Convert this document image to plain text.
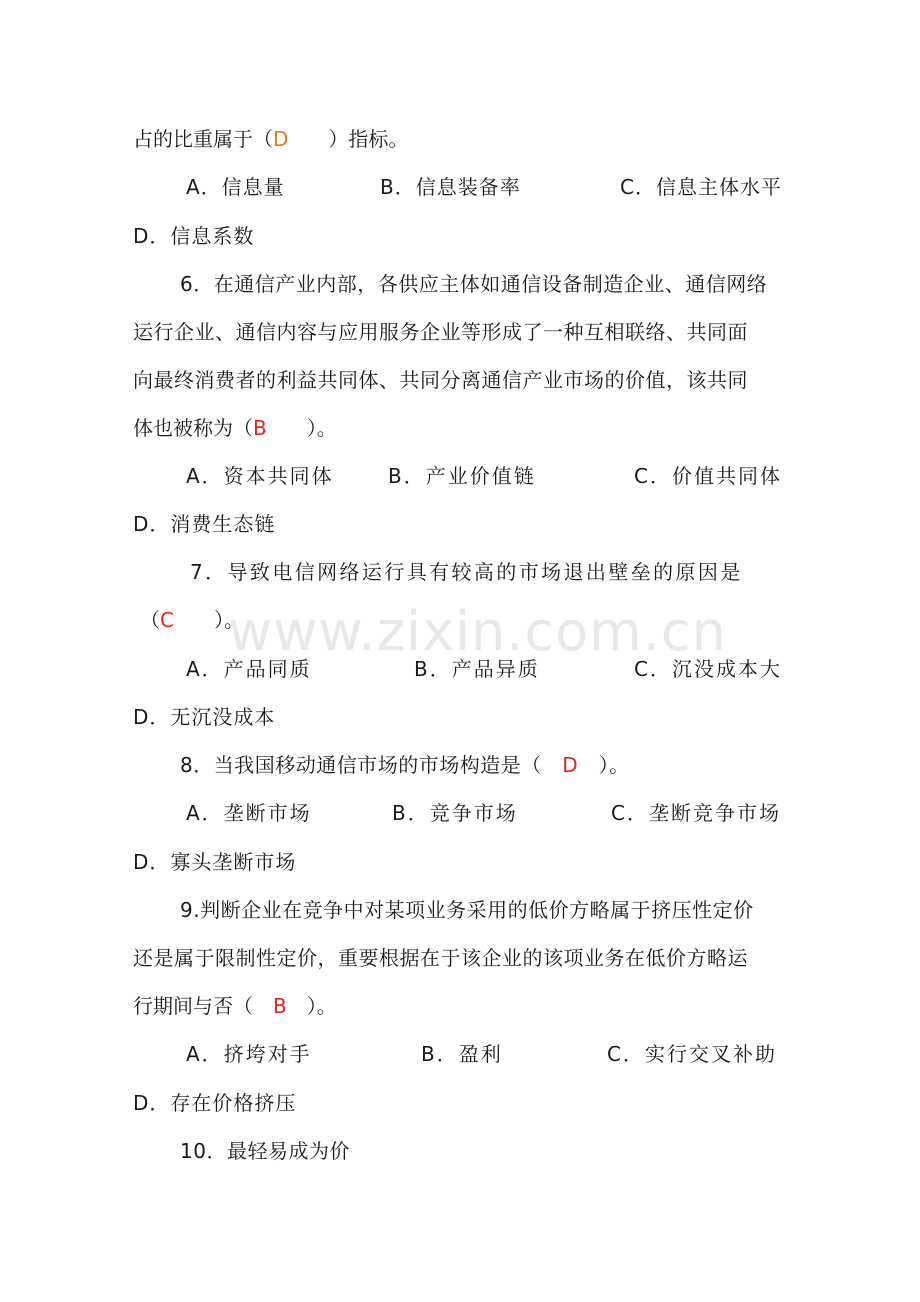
www.zixin.com.cn
占的比重属于（D　　）指标。
A．信息量	B．信息装备率	C．信息主体水平
D．信息系数
6．在通信产业内部，各供应主体如通信设备制造企业、通信网络
运行企业、通信内容与应用服务企业等形成了一种互相联络、共同面
向最终消费者的利益共同体、共同分离通信产业市场的价值，该共同
体也被称为（B　　）。
A．资本共同体	B．产业价值链	C．价值共同体
D．消费生态链
7．导致电信网络运行具有较高的市场退出壁垒的原因是
（C　　）。
A．产品同质	B．产品异质	C．沉没成本大
D．无沉没成本
8．当我国移动通信市场的市场构造是（　D　）。
A．垄断市场	B．竞争市场	C．垄断竞争市场
D．寡头垄断市场
9.判断企业在竞争中对某项业务采用的低价方略属于挤压性定价
还是属于限制性定价，重要根据在于该企业的该项业务在低价方略运
行期间与否（　B　）。
A．挤垮对手	B．盈利	C．实行交叉补助
D．存在价格挤压
10．最轻易成为价
